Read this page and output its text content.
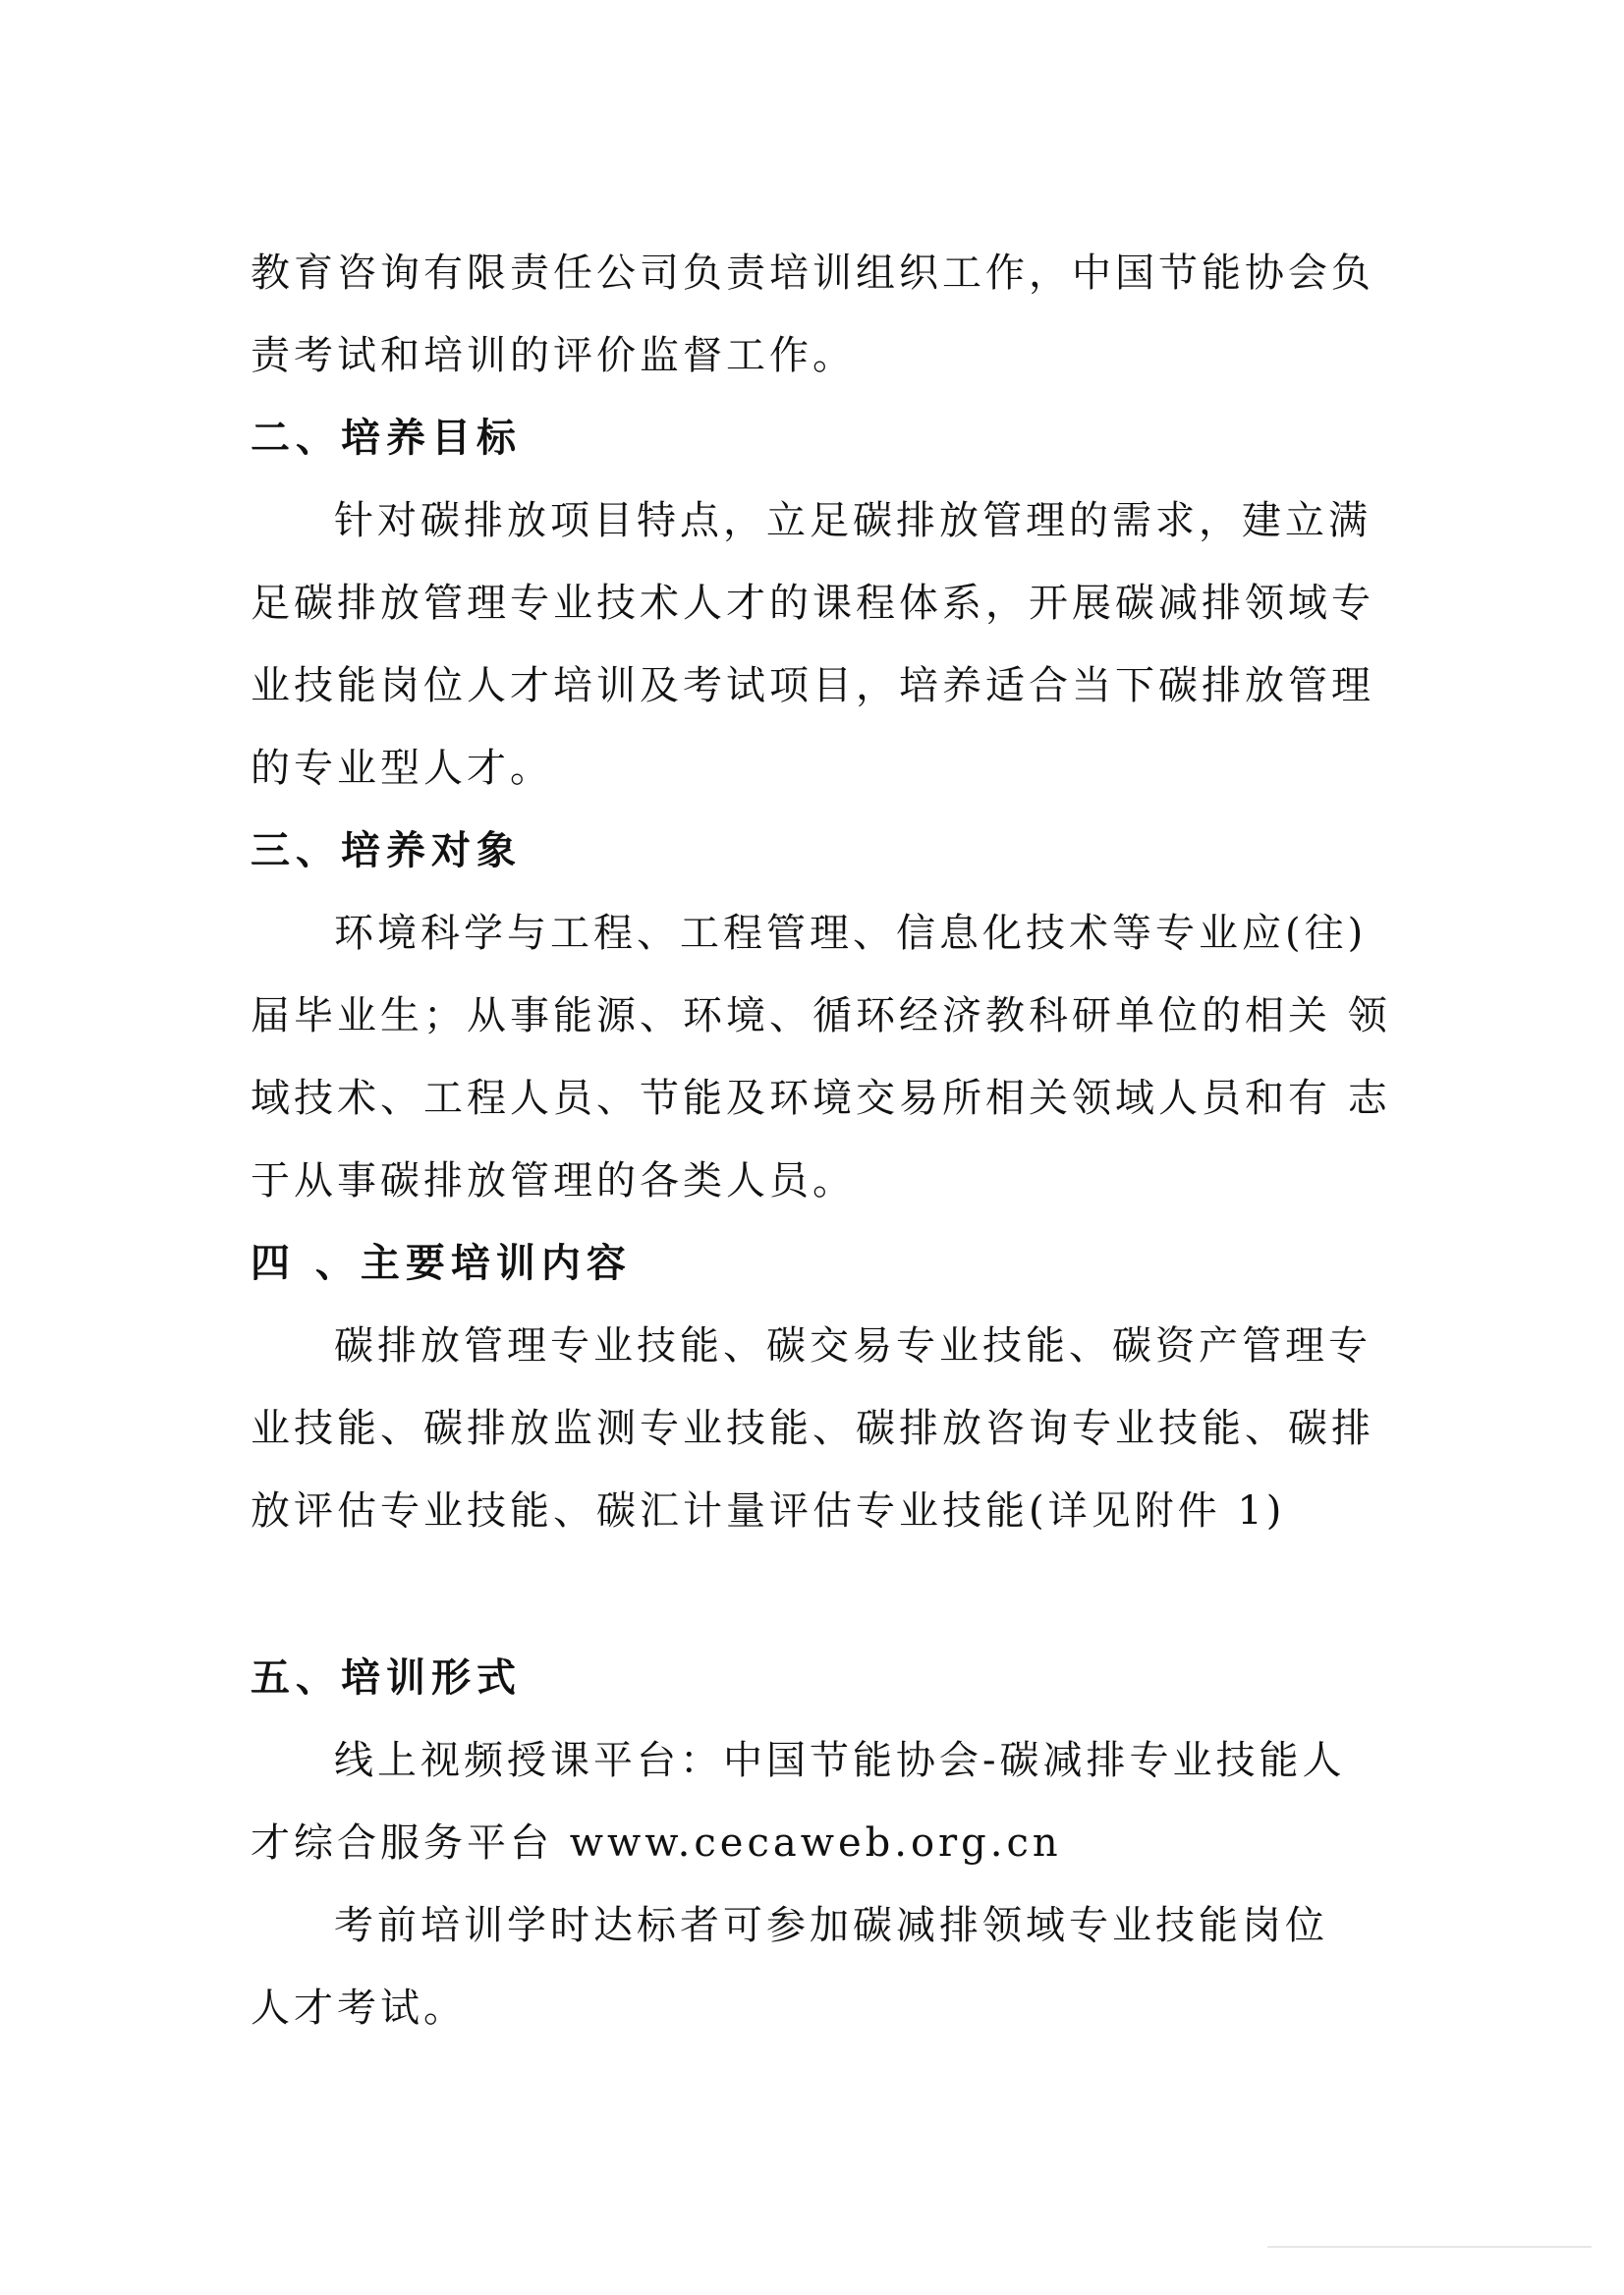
教育咨询有限责任公司负责培训组织工作，中国节能协会负
责考试和培训的评价监督工作。
二、培养目标
针对碳排放项目特点，立足碳排放管理的需求，建立满
足碳排放管理专业技术人才的课程体系，开展碳减排领域专
业技能岗位人才培训及考试项目，培养适合当下碳排放管理
的专业型人才。
三、培养对象
环境科学与工程、工程管理、信息化技术等专业应(往)
届毕业生；从事能源、环境、循环经济教科研单位的相关 领
域技术、工程人员、节能及环境交易所相关领域人员和有 志
于从事碳排放管理的各类人员。
四 、主要培训内容
碳排放管理专业技能、碳交易专业技能、碳资产管理专
业技能、碳排放监测专业技能、碳排放咨询专业技能、碳排
放评估专业技能、碳汇计量评估专业技能(详见附件 1)
五、培训形式
线上视频授课平台：中国节能协会-碳减排专业技能人
才综合服务平台 www.cecaweb.org.cn
考前培训学时达标者可参加碳减排领域专业技能岗位
人才考试。
